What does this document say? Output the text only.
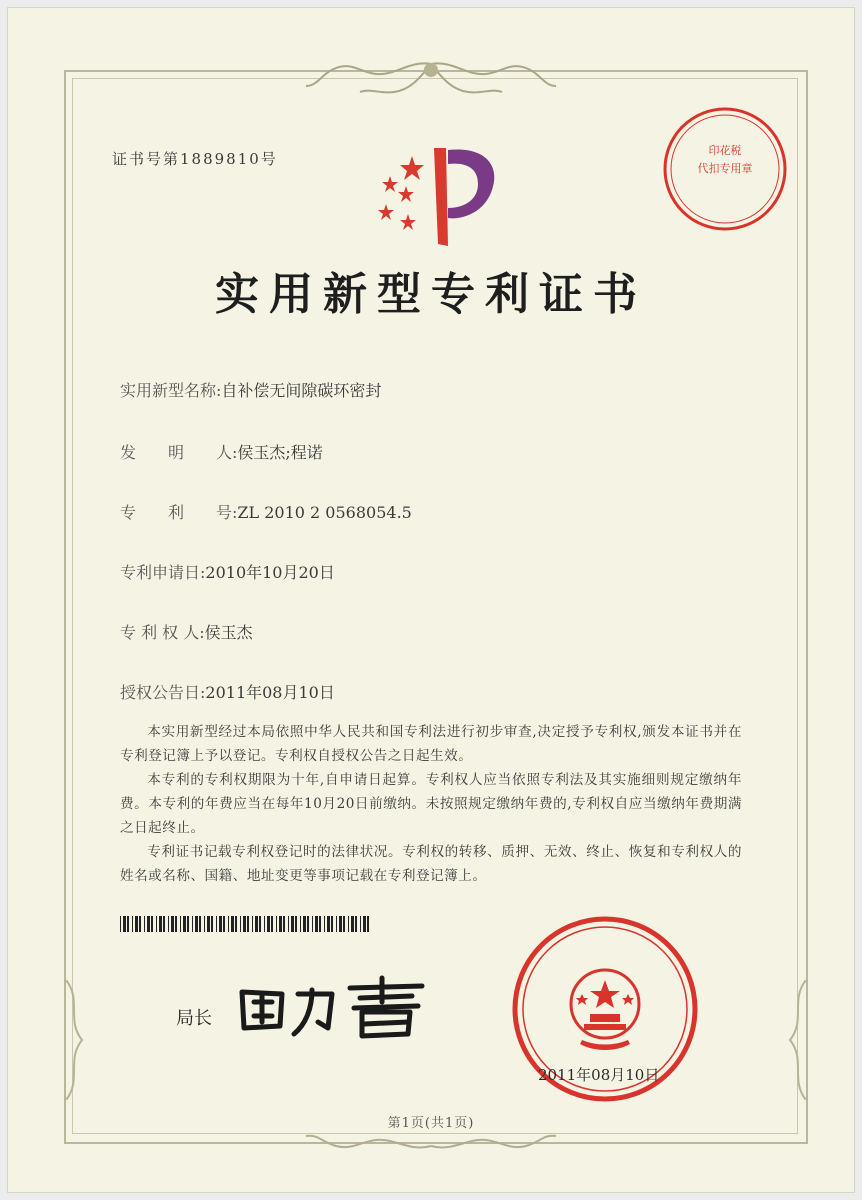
证书号第1889810号	印花税
代扣专用章
实用新型专利证书
实用新型名称:自补偿无间隙碳环密封
发　　明　　人:侯玉杰;程诺
专　　利　　号:ZL 2010 2 0568054.5
专利申请日:2010年10月20日
专 利 权 人:侯玉杰
授权公告日:2011年08月10日

本实用新型经过本局依照中华人民共和国专利法进行初步审查,决定授予专利权,颁发本证书并在专利登记簿上予以登记。专利权自授权公告之日起生效。

本专利的专利权期限为十年,自申请日起算。专利权人应当依照专利法及其实施细则规定缴纳年费。本专利的年费应当在每年10月20日前缴纳。未按照规定缴纳年费的,专利权自应当缴纳年费期满之日起终止。

专利证书记载专利权登记时的法律状况。专利权的转移、质押、无效、终止、恢复和专利权人的姓名或名称、国籍、地址变更等事项记载在专利登记簿上。

局长
2011年08月10日
第1页(共1页)
